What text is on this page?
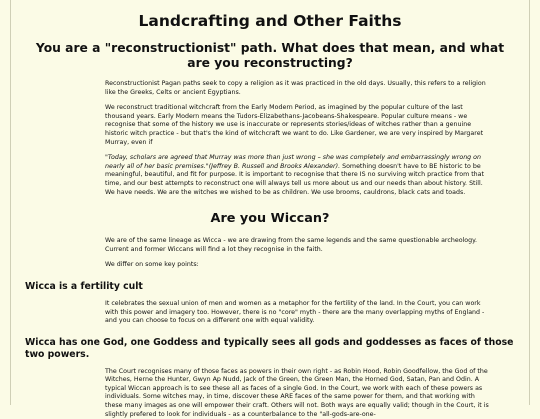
Landcrafting and Other Faiths
You are a "reconstructionist" path. What does that mean, and what are you reconstructing?

Reconstructionist Pagan paths seek to copy a religion as it was practiced in the old days. Usually, this refers to a religion like the Greeks, Celts or ancient Egyptians.

We reconstruct traditional witchcraft from the Early Modern Period, as imagined by the popular culture of the last thousand years. Early Modern means the Tudors-Elizabethans-Jacobeans-Shakespeare. Popular culture means - we recognise that some of the history we use is inaccurate or represents stories/ideas of witches rather than a genuine historic witch practice - but that's the kind of witchcraft we want to do. Like Gardener, we are very inspired by Margaret Murray, even if

"Today, scholars are agreed that Murray was more than just wrong – she was completely and embarrassingly wrong on nearly all of her basic premises."(Jeffrey B. Russell and Brooks Alexander). Something doesn't have to BE historic to be meaningful, beautiful, and fit for purpose. It is important to recognise that there IS no surviving witch practice from that time, and our best attempts to reconstruct one will always tell us more about us and our needs than about history. Still. We have needs. We are the witches we wished to be as children. We use brooms, cauldrons, black cats and toads.

Are you Wiccan?

We are of the same lineage as Wicca - we are drawing from the same legends and the same questionable archeology. Current and former Wiccans will find a lot they recognise in the faith.

We differ on some key points:

Wicca is a fertility cult

It celebrates the sexual union of men and women as a metaphor for the fertility of the land. In the Court, you can work with this power and imagery too. However, there is no "core" myth - there are the many overlapping myths of England - and you can choose to focus on a different one with equal validity.

Wicca has one God, one Goddess and typically sees all gods and goddesses as faces of those two powers.

The Court recognises many of those faces as powers in their own right - as Robin Hood, Robin Goodfellow, the God of the Witches, Herne the Hunter, Gwyn Ap Nudd, Jack of the Green, the Green Man, the Horned God, Satan, Pan and Odin. A typical Wiccan approach is to see these all as faces of a single God. In the Court, we work with each of these powers as individuals. Some witches may, in time, discover these ARE faces of the same power for them, and that working with these many images as one will empower their craft. Others will not. Both ways are equally valid; though in the Court, it is slightly prefered to look for individuals - as a counterbalance to the "all-gods-are-one-
